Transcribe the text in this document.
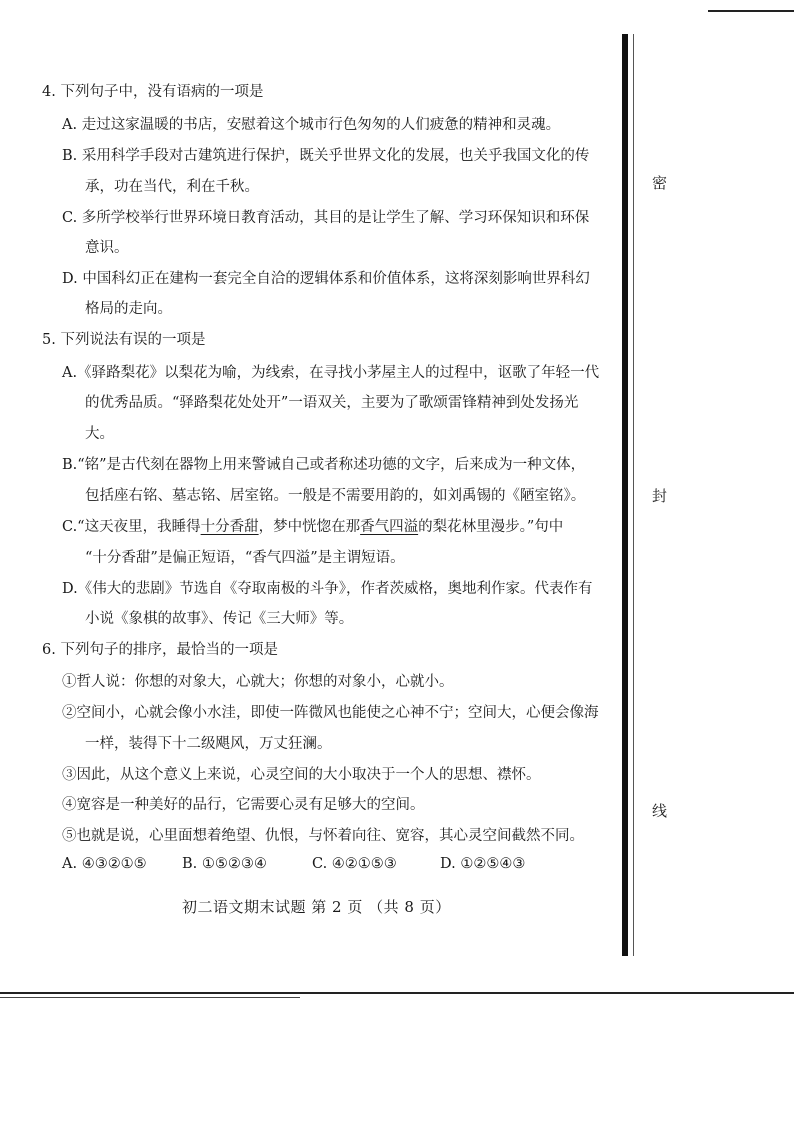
密
封
线
4. 下列句子中，没有语病的一项是
A. 走过这家温暖的书店，安慰着这个城市行色匆匆的人们疲惫的精神和灵魂。
B. 采用科学手段对古建筑进行保护，既关乎世界文化的发展，也关乎我国文化的传
承，功在当代，利在千秋。
C. 多所学校举行世界环境日教育活动，其目的是让学生了解、学习环保知识和环保
意识。
D. 中国科幻正在建构一套完全自洽的逻辑体系和价值体系，这将深刻影响世界科幻
格局的走向。
5. 下列说法有误的一项是
A.《驿路梨花》以梨花为喻，为线索，在寻找小茅屋主人的过程中，讴歌了年轻一代
的优秀品质。“驿路梨花处处开”一语双关，主要为了歌颂雷锋精神到处发扬光
大。
B.“铭”是古代刻在器物上用来警诫自己或者称述功德的文字，后来成为一种文体，
包括座右铭、墓志铭、居室铭。一般是不需要用韵的，如刘禹锡的《陋室铭》。
C.“这天夜里，我睡得十分香甜，梦中恍惚在那香气四溢的梨花林里漫步。”句中
“十分香甜”是偏正短语，“香气四溢”是主谓短语。
D.《伟大的悲剧》节选自《夺取南极的斗争》，作者茨威格，奥地利作家。代表作有
小说《象棋的故事》、传记《三大师》等。
6. 下列句子的排序，最恰当的一项是
①哲人说：你想的对象大，心就大；你想的对象小，心就小。
②空间小，心就会像小水洼，即使一阵微风也能使之心神不宁；空间大，心便会像海
一样，装得下十二级飓风，万丈狂澜。
③因此，从这个意义上来说，心灵空间的大小取决于一个人的思想、襟怀。
④宽容是一种美好的品行，它需要心灵有足够大的空间。
⑤也就是说，心里面想着绝望、仇恨，与怀着向往、宽容，其心灵空间截然不同。
A. ④③②①⑤ B. ①⑤②③④	C. ④②①⑤③	D. ①②⑤④③
初二语文期末试题 第 2 页 （共 8 页）
